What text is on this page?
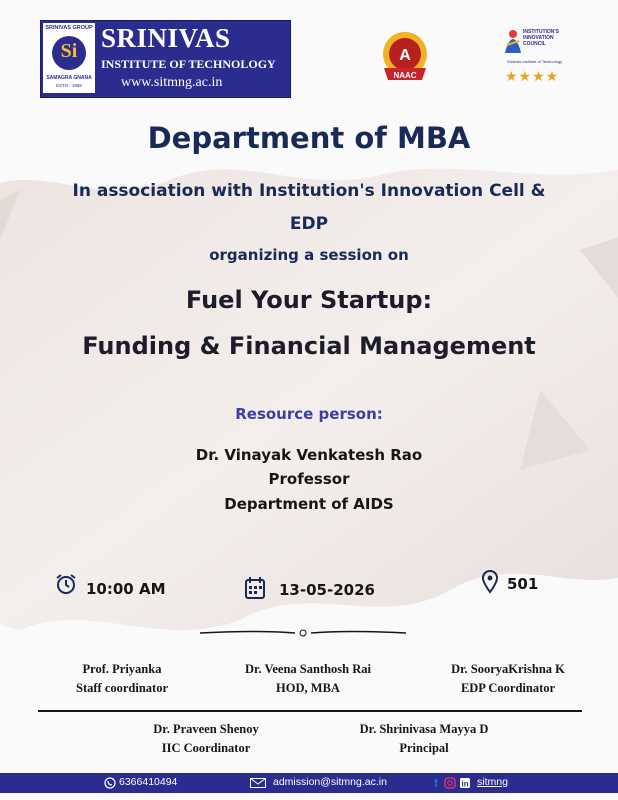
SRINIVAS GROUP
Si
SAMAGRA GNANA
ESTD : 1988
SRINIVAS
INSTITUTE OF TECHNOLOGY
www.sitmng.ac.in
A
NAAC
INSTITUTION'S INNOVATION COUNCIL
Srinivas Institute of Technology
★★★★
Department of MBA
In association with Institution's Innovation Cell &
EDP
organizing a session on
Fuel Your Startup:
Funding & Financial Management
Resource person:
Dr. Vinayak Venkatesh Rao
Professor
Department of AIDS
10:00 AM	13-05-2026	501
Prof. Priyanka
Staff coordinator
Dr. Veena Santhosh Rai
HOD, MBA
Dr. SooryaKrishna K
EDP Coordinator
Dr. Praveen Shenoy
IIC Coordinator
Dr. Shrinivasa Mayya D
Principal
6366410494	admission@sitmng.ac.in	f	in sitmng
